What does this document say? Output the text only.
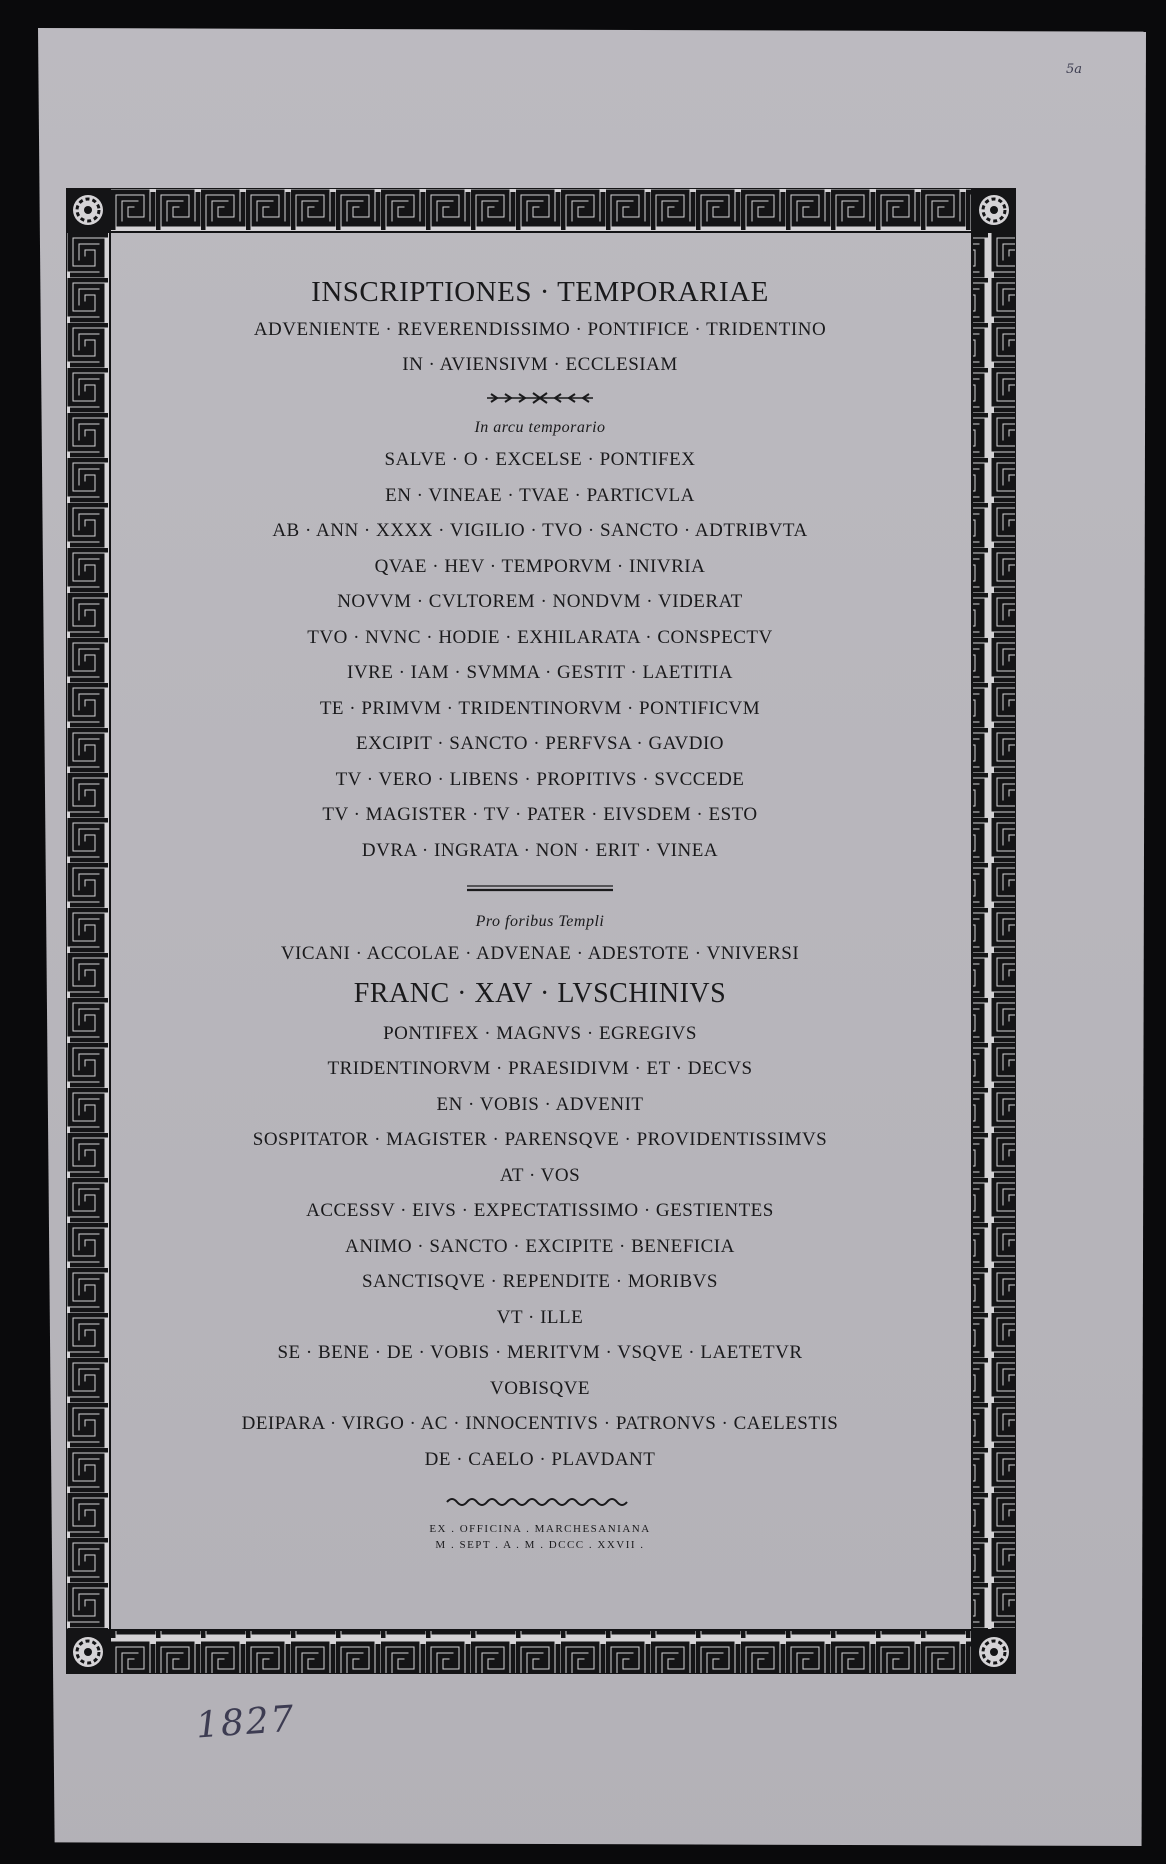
5a

INSCRIPTIONES · TEMPORARIAE

ADVENIENTE · REVERENDISSIMO · PONTIFICE · TRIDENTINO

IN · AVIENSIVM · ECCLESIAM

In arcu temporario

SALVE · O · EXCELSE · PONTIFEX

EN · VINEAE · TVAE · PARTICVLA

AB · ANN · XXXX · VIGILIO · TVO · SANCTO · ADTRIBVTA

QVAE · HEV · TEMPORVM · INIVRIA

NOVVM · CVLTOREM · NONDVM · VIDERAT

TVO · NVNC · HODIE · EXHILARATA · CONSPECTV

IVRE · IAM · SVMMA · GESTIT · LAETITIA

TE · PRIMVM · TRIDENTINORVM · PONTIFICVM

EXCIPIT · SANCTO · PERFVSA · GAVDIO

TV · VERO · LIBENS · PROPITIVS · SVCCEDE

TV · MAGISTER · TV · PATER · EIVSDEM · ESTO

DVRA · INGRATA · NON · ERIT · VINEA

Pro foribus Templi

VICANI · ACCOLAE · ADVENAE · ADESTOTE · VNIVERSI

FRANC · XAV · LVSCHINIVS

PONTIFEX · MAGNVS · EGREGIVS

TRIDENTINORVM · PRAESIDIVM · ET · DECVS

EN · VOBIS · ADVENIT

SOSPITATOR · MAGISTER · PARENSQVE · PROVIDENTISSIMVS

AT · VOS

ACCESSV · EIVS · EXPECTATISSIMO · GESTIENTES

ANIMO · SANCTO · EXCIPITE · BENEFICIA

SANCTISQVE · REPENDITE · MORIBVS

VT · ILLE

SE · BENE · DE · VOBIS · MERITVM · VSQVE · LAETETVR

VOBISQVE

DEIPARA · VIRGO · AC · INNOCENTIVS · PATRONVS · CAELESTIS

DE · CAELO · PLAVDANT

EX . OFFICINA . MARCHESANIANA

M . SEPT . A . M . DCCC . XXVII .

1827
